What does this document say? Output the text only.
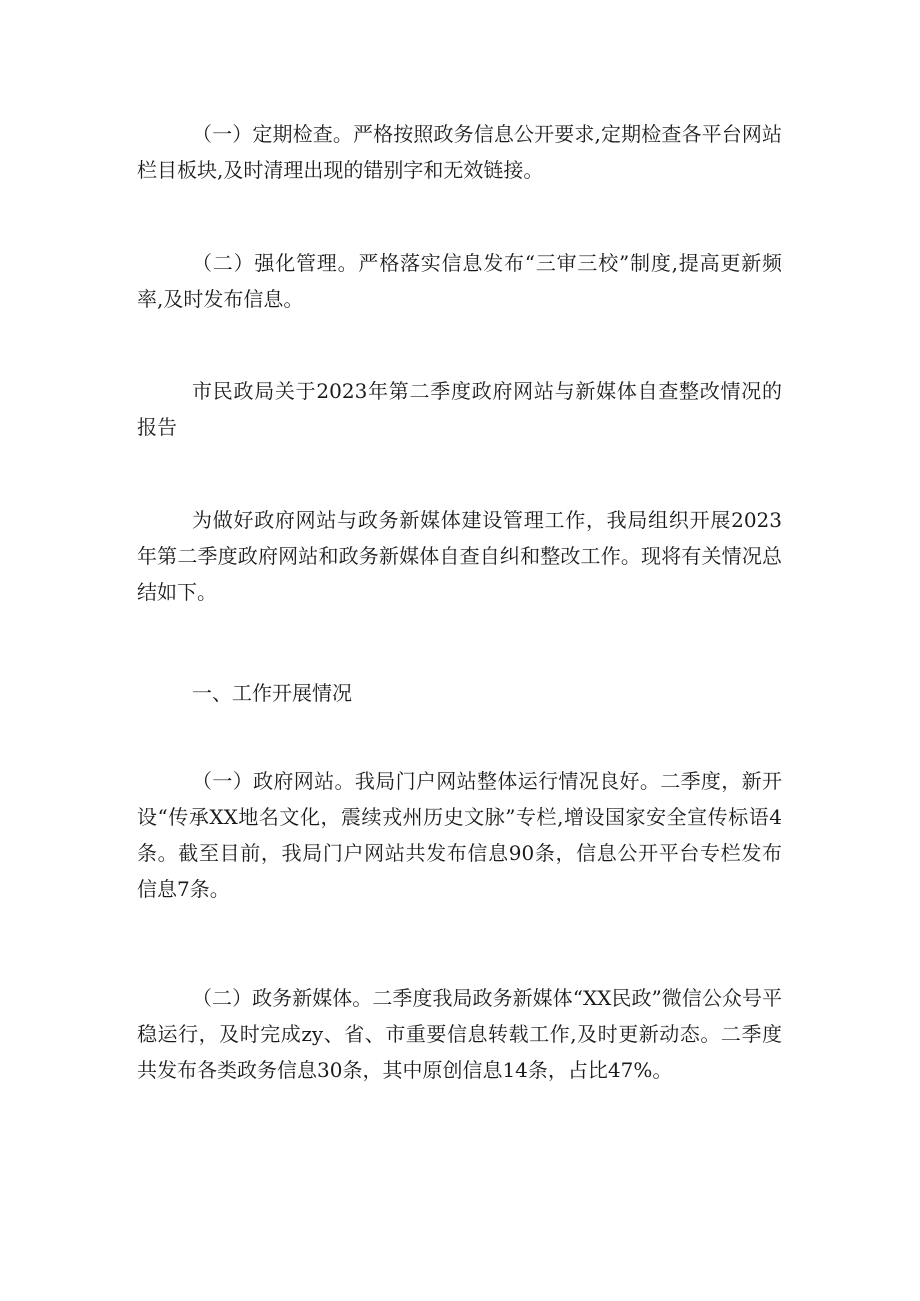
（一）定期检查。严格按照政务信息公开要求,定期检查各平台网站栏目板块,及时清理出现的错别字和无效链接。

（二）强化管理。严格落实信息发布“三审三校”制度,提高更新频率,及时发布信息。

市民政局关于2023年第二季度政府网站与新媒体自查整改情况的报告

为做好政府网站与政务新媒体建设管理工作，我局组织开展2023年第二季度政府网站和政务新媒体自查自纠和整改工作。现将有关情况总结如下。

一、工作开展情况

（一）政府网站。我局门户网站整体运行情况良好。二季度，新开设“传承XX地名文化，震续戎州历史文脉”专栏,增设国家安全宣传标语4条。截至目前，我局门户网站共发布信息90条，信息公开平台专栏发布信息7条。

（二）政务新媒体。二季度我局政务新媒体“XX民政”微信公众号平稳运行，及时完成zy、省、市重要信息转载工作,及时更新动态。二季度共发布各类政务信息30条，其中原创信息14条，占比47%。
